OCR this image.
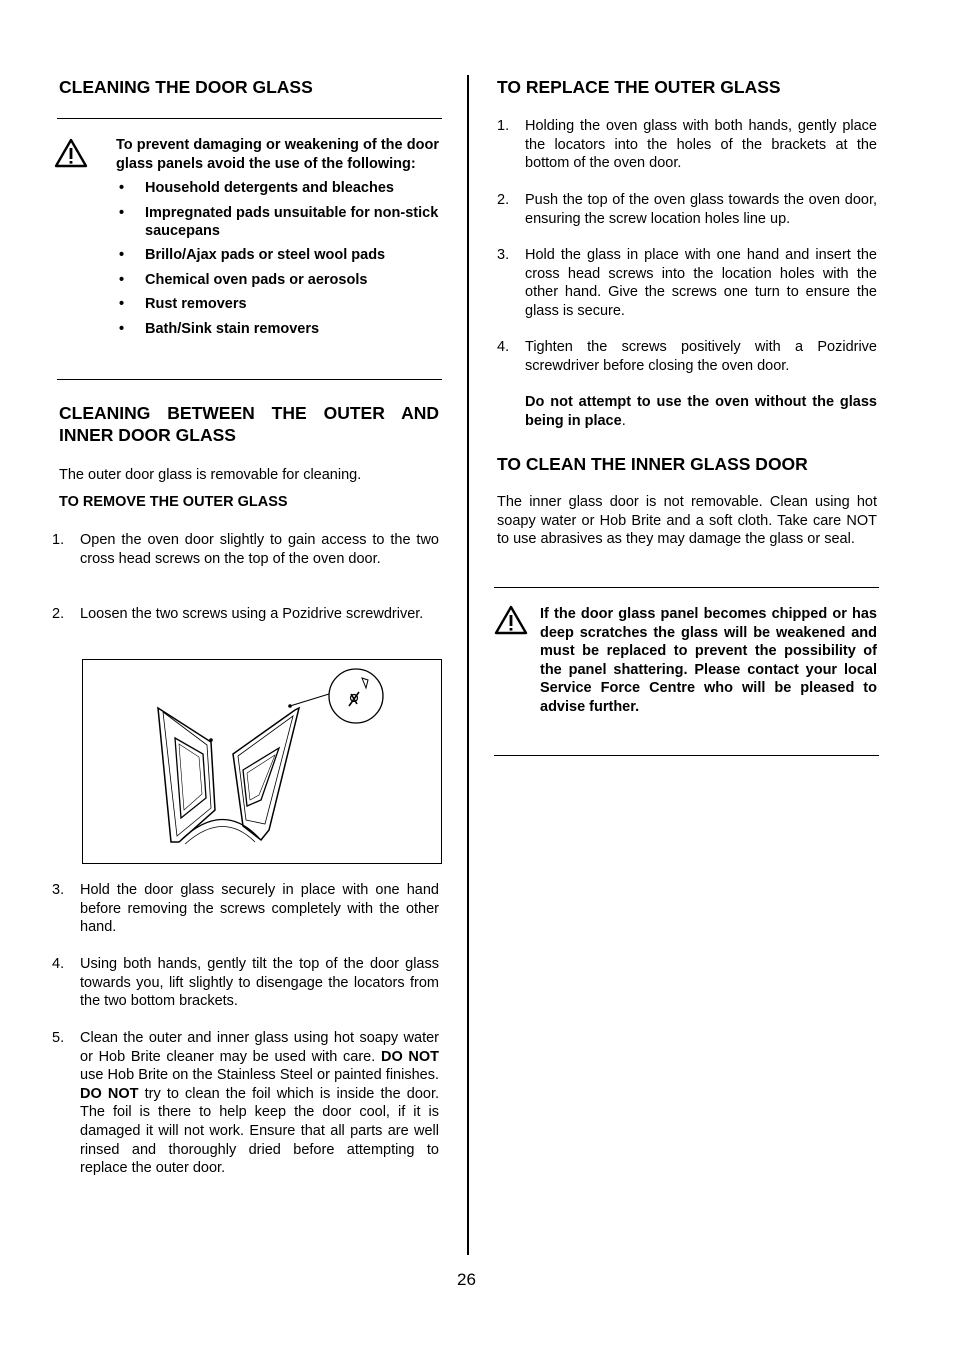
CLEANING THE DOOR GLASS
To prevent damaging or weakening of the door glass panels avoid the use of the following:
• Household detergents and bleaches
• Impregnated pads unsuitable for non-stick saucepans
• Brillo/Ajax pads or steel wool pads
• Chemical oven pads or aerosols
• Rust removers
• Bath/Sink stain removers
CLEANING BETWEEN THE OUTER AND INNER DOOR GLASS

The outer door glass is removable for cleaning.

TO REMOVE THE OUTER GLASS
1. Open the oven door slightly to gain access to the two cross head screws on the top of the oven door.
2. Loosen the two screws using a Pozidrive screwdriver.
3. Hold the door glass securely in place with one hand before removing the screws completely with the other hand.
4. Using both hands, gently tilt the top of the door glass towards you, lift slightly to disengage the locators from the two bottom brackets.
5. Clean the outer and inner glass using hot soapy water or Hob Brite cleaner may be used with care. DO NOT use Hob Brite on the Stainless Steel or painted finishes. DO NOT try to clean the foil which is inside the door. The foil is there to help keep the door cool, if it is damaged it will not work. Ensure that all parts are well rinsed and thoroughly dried before attempting to replace the outer door.
TO REPLACE THE OUTER GLASS
1. Holding the oven glass with both hands, gently place the locators into the holes of the brackets at the bottom of the oven door.
2. Push the top of the oven glass towards the oven door, ensuring the screw location holes line up.
3. Hold the glass in place with one hand and insert the cross head screws into the location holes with the other hand. Give the screws one turn to ensure the glass is secure.
4. Tighten the screws positively with a Pozidrive screwdriver before closing the oven door.
Do not attempt to use the oven without the glass being in place.
TO CLEAN THE INNER GLASS DOOR

The inner glass door is not removable. Clean using hot soapy water or Hob Brite and a soft cloth. Take care NOT to use abrasives as they may damage the glass or seal.

If the door glass panel becomes chipped or has deep scratches the glass will be weakened and must be replaced to prevent the possibility of the panel shattering. Please contact your local Service Force Centre who will be pleased to advise further.
26
